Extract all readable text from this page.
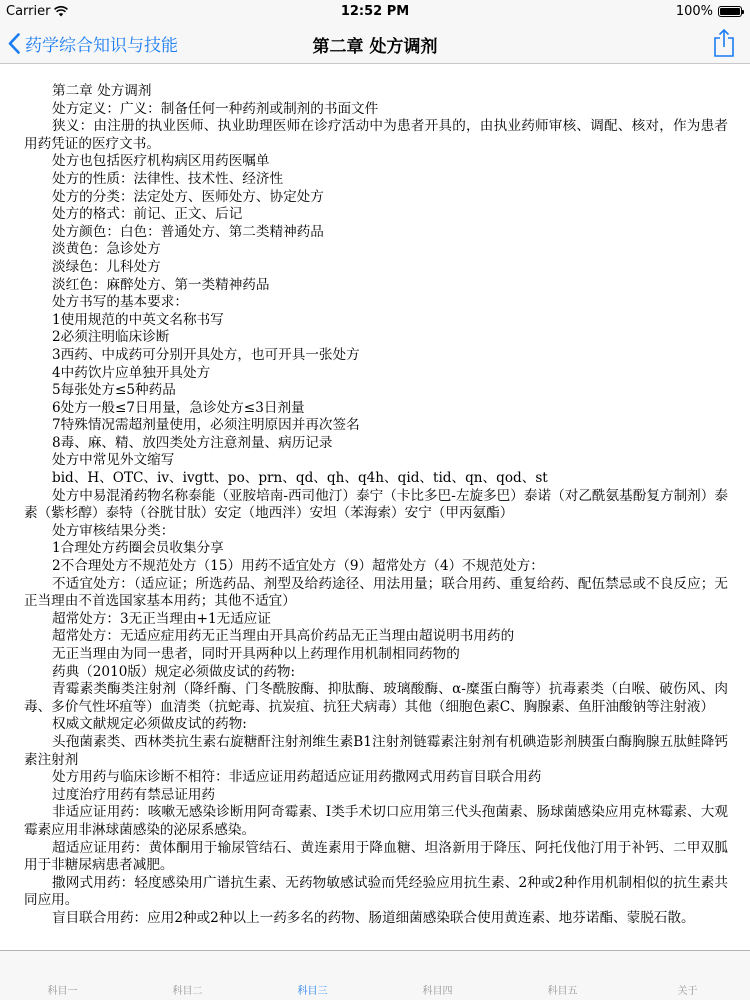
Carrier	12:52 PM	100%
药学综合知识与技能	第二章 处方调剂

第二章 处方调剂

处方定义：广义：制备任何一种药剂或制剂的书面文件

狭义：由注册的执业医师、执业助理医师在诊疗活动中为患者开具的，由执业药师审核、调配、核对，作为患者用药凭证的医疗文书。

处方也包括医疗机构病区用药医嘱单

处方的性质：法律性、技术性、经济性

处方的分类：法定处方、医师处方、协定处方

处方的格式：前记、正文、后记

处方颜色：白色：普通处方、第二类精神药品

淡黄色：急诊处方

淡绿色：儿科处方

淡红色：麻醉处方、第一类精神药品

处方书写的基本要求：

1使用规范的中英文名称书写

2必须注明临床诊断

3西药、中成药可分别开具处方，也可开具一张处方

4中药饮片应单独开具处方

5每张处方≤5种药品

6处方一般≤7日用量，急诊处方≤3日剂量

7特殊情况需超剂量使用，必须注明原因并再次签名

8毒、麻、精、放四类处方注意剂量、病历记录

处方中常见外文缩写

bid、H、OTC、iv、ivgtt、po、prn、qd、qh、q4h、qid、tid、qn、qod、st

处方中易混淆药物名称泰能（亚胺培南-西司他汀）泰宁（卡比多巴-左旋多巴）泰诺（对乙酰氨基酚复方制剂）泰素（紫杉醇）泰特（谷胱甘肽）安定（地西泮）安坦（苯海索）安宁（甲丙氨酯）

处方审核结果分类：

1合理处方药圈会员收集分享

2不合理处方不规范处方（15）用药不适宜处方（9）超常处方（4）不规范处方：

不适宜处方：（适应证；所选药品、剂型及给药途径、用法用量；联合用药、重复给药、配伍禁忌或不良反应；无正当理由不首选国家基本用药；其他不适宜）

超常处方：3无正当理由+1无适应证

超常处方：无适应症用药无正当理由开具高价药品无正当理由超说明书用药的

无正当理由为同一患者，同时开具两种以上药理作用机制相同药物的

药典（2010版）规定必须做皮试的药物:

青霉素类酶类注射剂（降纤酶、门冬酰胺酶、抑肽酶、玻璃酸酶、α-糜蛋白酶等）抗毒素类（白喉、破伤风、肉毒、多价气性坏疽等）血清类（抗蛇毒、抗炭疽、抗狂犬病毒）其他（细胞色素C、胸腺素、鱼肝油酸钠等注射液）

权威文献规定必须做皮试的药物:

头孢菌素类、西林类抗生素右旋糖酐注射剂维生素B1注射剂链霉素注射剂有机碘造影剂胰蛋白酶胸腺五肽鲑降钙素注射剂

处方用药与临床诊断不相符：非适应证用药超适应证用药撒网式用药盲目联合用药

过度治疗用药有禁忌证用药

非适应证用药：咳嗽无感染诊断用阿奇霉素、I类手术切口应用第三代头孢菌素、肠球菌感染应用克林霉素、大观霉素应用非淋球菌感染的泌尿系感染。

超适应证用药：黄体酮用于输尿管结石、黄连素用于降血糖、坦洛新用于降压、阿托伐他汀用于补钙、二甲双胍用于非糖尿病患者减肥。

撒网式用药：轻度感染用广谱抗生素、无药物敏感试验而凭经验应用抗生素、2种或2种作用机制相似的抗生素共同应用。

盲目联合用药：应用2种或2种以上一药多名的药物、肠道细菌感染联合使用黄连素、地芬诺酯、蒙脱石散。

科目一	科目二	科目三	科目四	科目五	关于
